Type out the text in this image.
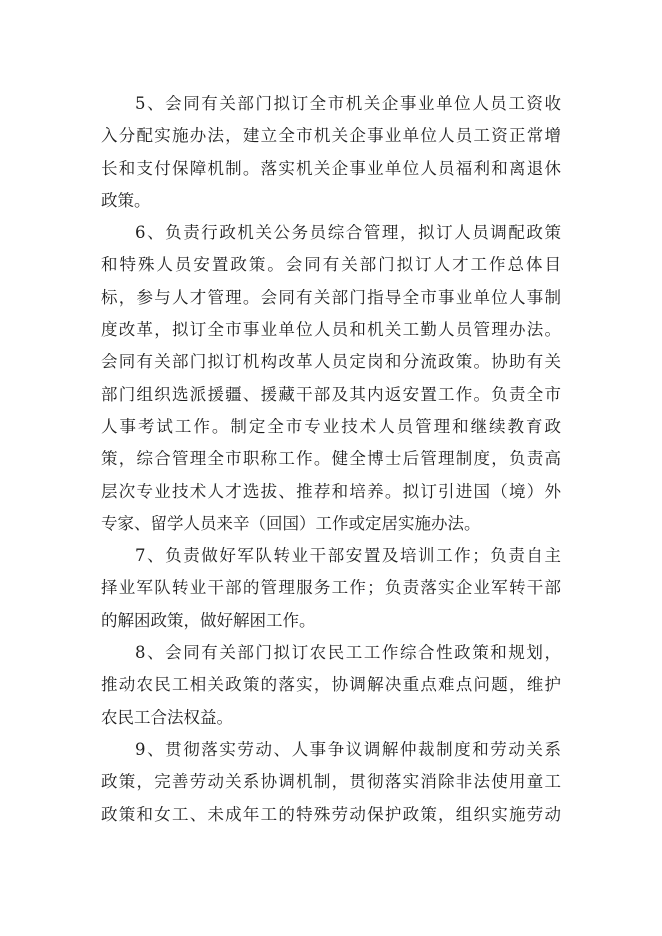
5、会同有关部门拟订全市机关企事业单位人员工资收
入分配实施办法，建立全市机关企事业单位人员工资正常增
长和支付保障机制。落实机关企事业单位人员福利和离退休
政策。
6、负责行政机关公务员综合管理，拟订人员调配政策
和特殊人员安置政策。会同有关部门拟订人才工作总体目
标，参与人才管理。会同有关部门指导全市事业单位人事制
度改革，拟订全市事业单位人员和机关工勤人员管理办法。
会同有关部门拟订机构改革人员定岗和分流政策。协助有关
部门组织选派援疆、援藏干部及其内返安置工作。负责全市
人事考试工作。制定全市专业技术人员管理和继续教育政
策，综合管理全市职称工作。健全博士后管理制度，负责高
层次专业技术人才选拔、推荐和培养。拟订引进国（境）外
专家、留学人员来辛（回国）工作或定居实施办法。
7、负责做好军队转业干部安置及培训工作；负责自主
择业军队转业干部的管理服务工作；负责落实企业军转干部
的解困政策，做好解困工作。
8、会同有关部门拟订农民工工作综合性政策和规划，
推动农民工相关政策的落实，协调解决重点难点问题，维护
农民工合法权益。
9、贯彻落实劳动、人事争议调解仲裁制度和劳动关系
政策，完善劳动关系协调机制，贯彻落实消除非法使用童工
政策和女工、未成年工的特殊劳动保护政策，组织实施劳动
